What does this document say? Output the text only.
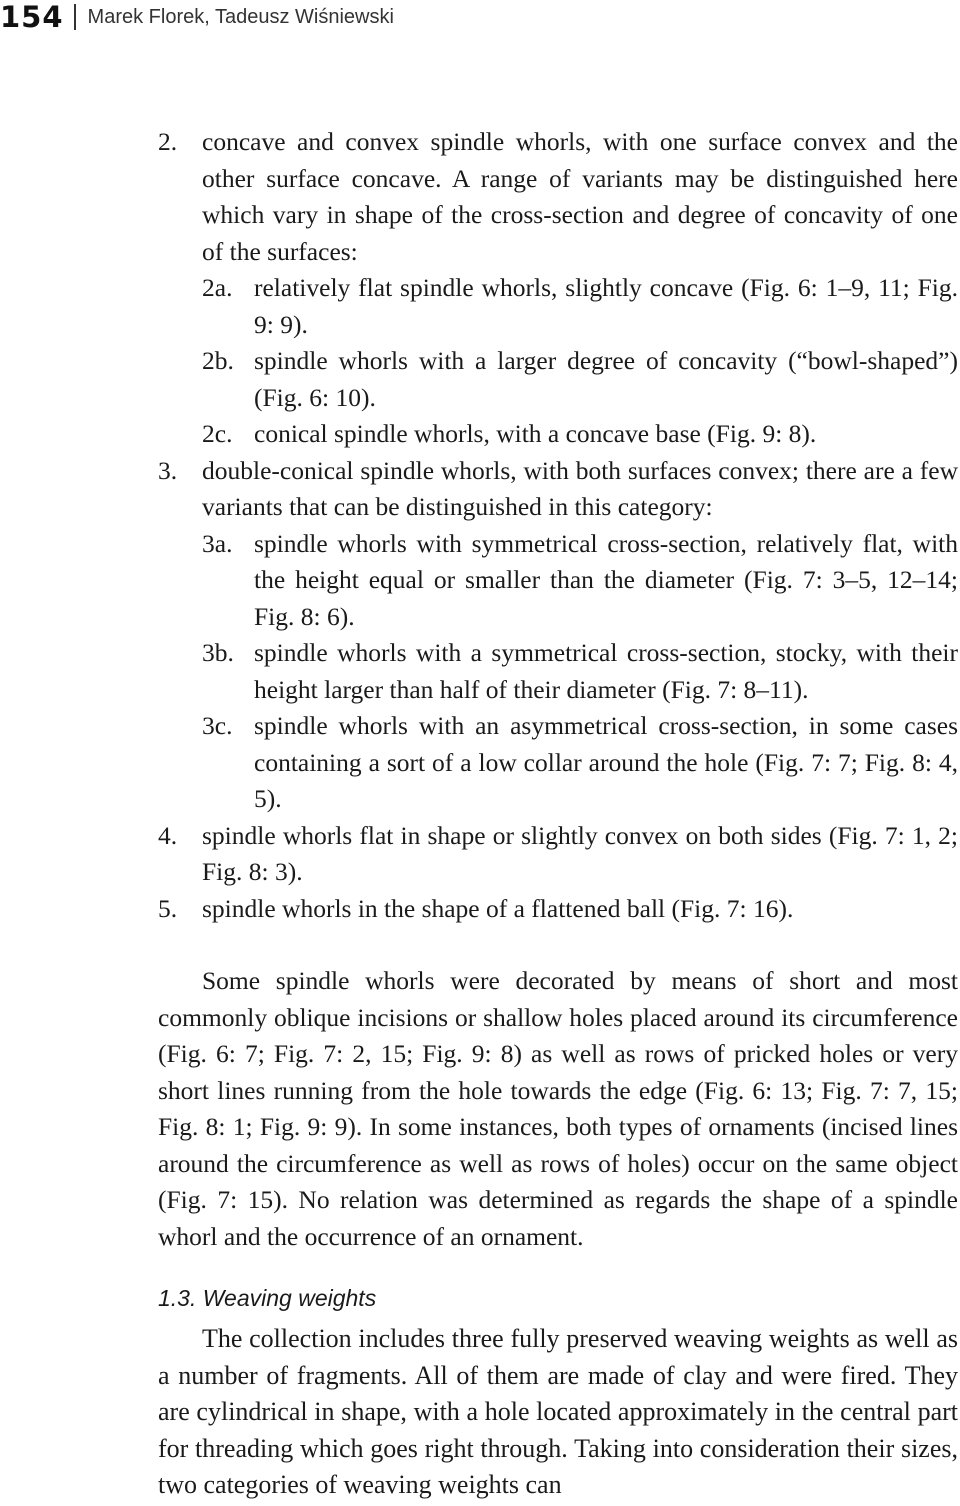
154 Marek Florek, Tadeusz Wiśniewski
2. concave and convex spindle whorls, with one surface convex and the other surface concave. A range of variants may be distinguished here which vary in shape of the cross-section and degree of concavity of one of the surfaces:
2a. relatively flat spindle whorls, slightly concave (Fig. 6: 1–9, 11; Fig. 9: 9).
2b. spindle whorls with a larger degree of concavity (“bowl-shaped”) (Fig. 6: 10).
2c. conical spindle whorls, with a concave base (Fig. 9: 8).
3. double-conical spindle whorls, with both surfaces convex; there are a few variants that can be distinguished in this category:
3a. spindle whorls with symmetrical cross-section, relatively flat, with the height equal or smaller than the diameter (Fig. 7: 3–5, 12–14; Fig. 8: 6).
3b. spindle whorls with a symmetrical cross-section, stocky, with their height larger than half of their diameter (Fig. 7: 8–11).
3c. spindle whorls with an asymmetrical cross-section, in some cases containing a sort of a low collar around the hole (Fig. 7: 7; Fig. 8: 4, 5).
4. spindle whorls flat in shape or slightly convex on both sides (Fig. 7: 1, 2; Fig. 8: 3).
5. spindle whorls in the shape of a flattened ball (Fig. 7: 16).

Some spindle whorls were decorated by means of short and most commonly oblique incisions or shallow holes placed around its circumference (Fig. 6: 7; Fig. 7: 2, 15; Fig. 9: 8) as well as rows of pricked holes or very short lines running from the hole towards the edge (Fig. 6: 13; Fig. 7: 7, 15; Fig. 8: 1; Fig. 9: 9). In some instances, both types of ornaments (incised lines around the circumference as well as rows of holes) occur on the same object (Fig. 7: 15). No relation was determined as regards the shape of a spindle whorl and the occurrence of an ornament.

1.3. Weaving weights

The collection includes three fully preserved weaving weights as well as a number of fragments. All of them are made of clay and were fired. They are cylindrical in shape, with a hole located approximately in the central part for threading which goes right through. Taking into consideration their sizes, two categories of weaving weights can
